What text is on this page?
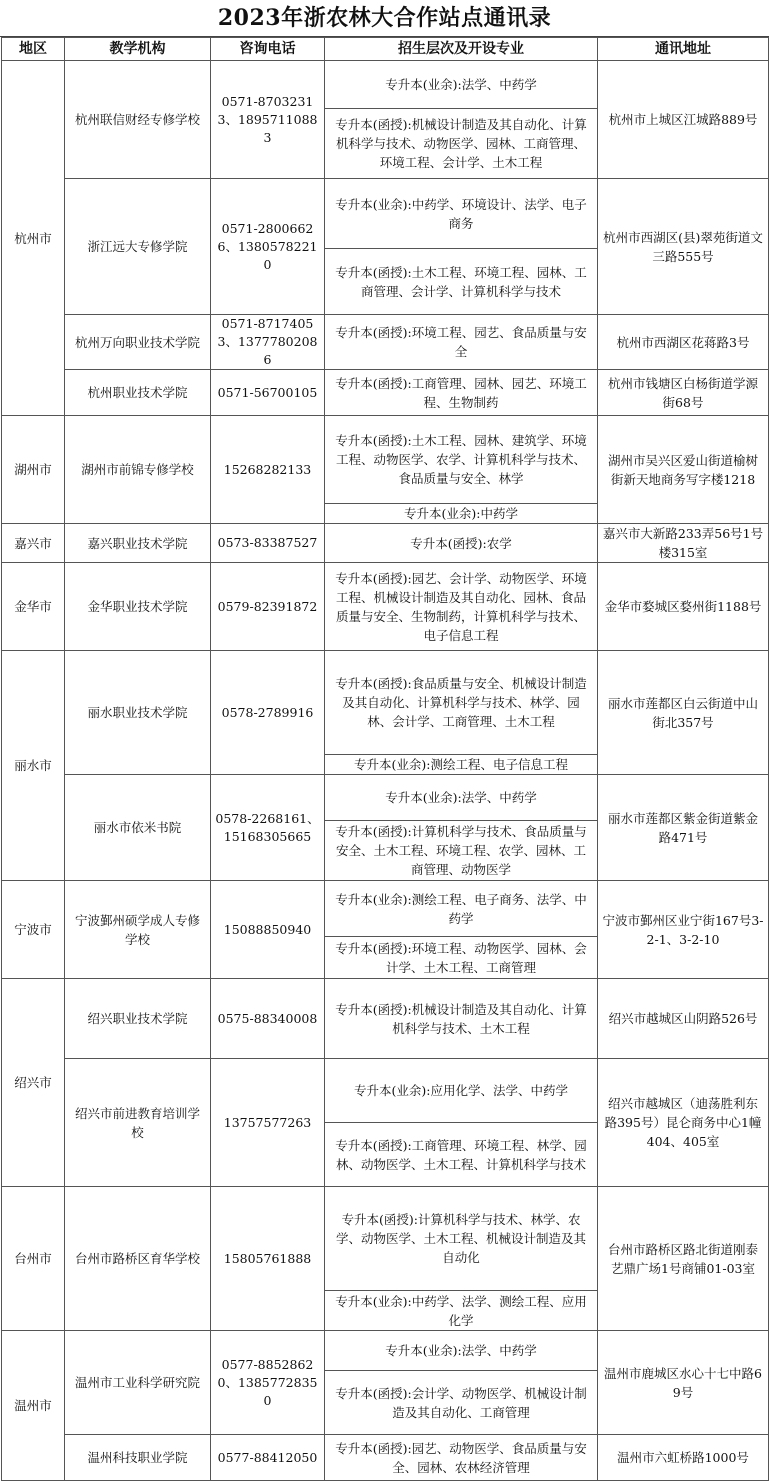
2023年浙农林大合作站点通讯录
地区	教学机构	咨询电话	招生层次及开设专业	通讯地址
杭州市	杭州联信财经专修学校	0571-87032313、18957110883	专升本(业余):法学、中药学	杭州市上城区江城路889号
			专升本(函授):机械设计制造及其自动化、计算机科学与技术、动物医学、园林、工商管理、环境工程、会计学、土木工程	
	浙江远大专修学院	0571-28006626、13805782210	专升本(业余):中药学、环境设计、法学、电子商务	杭州市西湖区(县)翠苑街道文三路555号
			专升本(函授):土木工程、环境工程、园林、工商管理、会计学、计算机科学与技术	
	杭州万向职业技术学院	0571-87174053、13777802086	专升本(函授):环境工程、园艺、食品质量与安全	杭州市西湖区花蒋路3号
	杭州职业技术学院	0571-56700105	专升本(函授):工商管理、园林、园艺、环境工程、生物制药	杭州市钱塘区白杨街道学源街68号
湖州市	湖州市前锦专修学校	15268282133	专升本(函授):土木工程、园林、建筑学、环境工程、动物医学、农学、计算机科学与技术、食品质量与安全、林学	湖州市吴兴区爱山街道榆树街新天地商务写字楼1218
			专升本(业余):中药学	
嘉兴市	嘉兴职业技术学院	0573-83387527	专升本(函授):农学	嘉兴市大新路233弄56号1号楼315室
金华市	金华职业技术学院	0579-82391872	专升本(函授):园艺、会计学、动物医学、环境工程、机械设计制造及其自动化、园林、食品质量与安全、生物制药，计算机科学与技术、电子信息工程	金华市婺城区婺州街1188号
丽水市	丽水职业技术学院	0578-2789916	专升本(函授):食品质量与安全、机械设计制造及其自动化、计算机科学与技术、林学、园林、会计学、工商管理、土木工程	丽水市莲都区白云街道中山街北357号
			专升本(业余):测绘工程、电子信息工程	
	丽水市依米书院	0578-2268161、15168305665	专升本(业余):法学、中药学	丽水市莲都区紫金街道紫金路471号
			专升本(函授):计算机科学与技术、食品质量与安全、土木工程、环境工程、农学、园林、工商管理、动物医学	
宁波市	宁波鄞州硕学成人专修学校	15088850940	专升本(业余):测绘工程、电子商务、法学、中药学	宁波市鄞州区业宁街167号3-2-1、3-2-10
			专升本(函授):环境工程、动物医学、园林、会计学、土木工程、工商管理	
绍兴市	绍兴职业技术学院	0575-88340008	专升本(函授):机械设计制造及其自动化、计算机科学与技术、土木工程	绍兴市越城区山阴路526号
	绍兴市前进教育培训学校	13757577263	专升本(业余):应用化学、法学、中药学	绍兴市越城区（迪荡胜利东路395号）昆仑商务中心1幢404、405室
			专升本(函授):工商管理、环境工程、林学、园林、动物医学、土木工程、计算机科学与技术	
台州市	台州市路桥区育华学校	15805761888	专升本(函授):计算机科学与技术、林学、农学、动物医学、土木工程、机械设计制造及其自动化	台州市路桥区路北街道刚泰艺鼎广场1号商铺01-03室
			专升本(业余):中药学、法学、测绘工程、应用化学	
温州市	温州市工业科学研究院	0577-88528620、13857728350	专升本(业余):法学、中药学	温州市鹿城区水心十七中路69号
			专升本(函授):会计学、动物医学、机械设计制造及其自动化、工商管理	
	温州科技职业学院	0577-88412050	专升本(函授):园艺、动物医学、食品质量与安全、园林、农林经济管理	温州市六虹桥路1000号
